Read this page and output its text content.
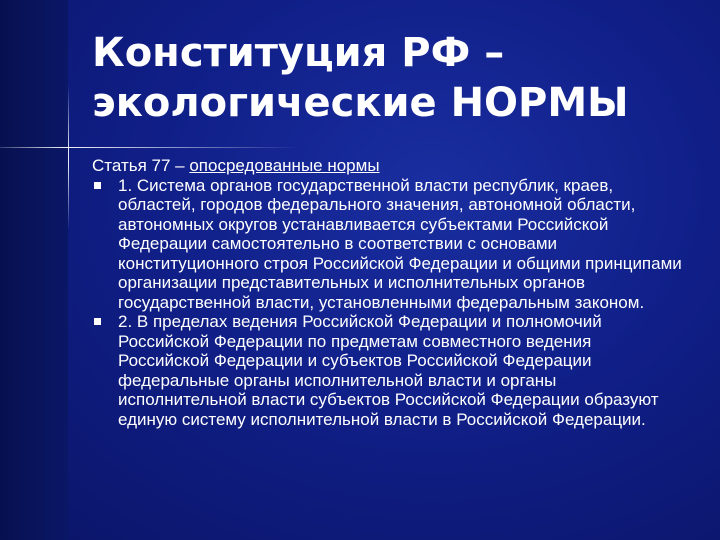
Конституция РФ –
экологические НОРМЫ

Статья 77 – опосредованные нормы

1. Система органов государственной власти республик, краев, областей, городов федерального значения, автономной области, автономных округов устанавливается субъектами Российской Федерации самостоятельно в соответствии с основами конституционного строя Российской Федерации и общими принципами организации представительных и исполнительных органов государственной власти, установленными федеральным законом.
2. В пределах ведения Российской Федерации и полномочий Российской Федерации по предметам совместного ведения Российской Федерации и субъектов Российской Федерации федеральные органы исполнительной власти и органы исполнительной власти субъектов Российской Федерации образуют единую систему исполнительной власти в Российской Федерации.
